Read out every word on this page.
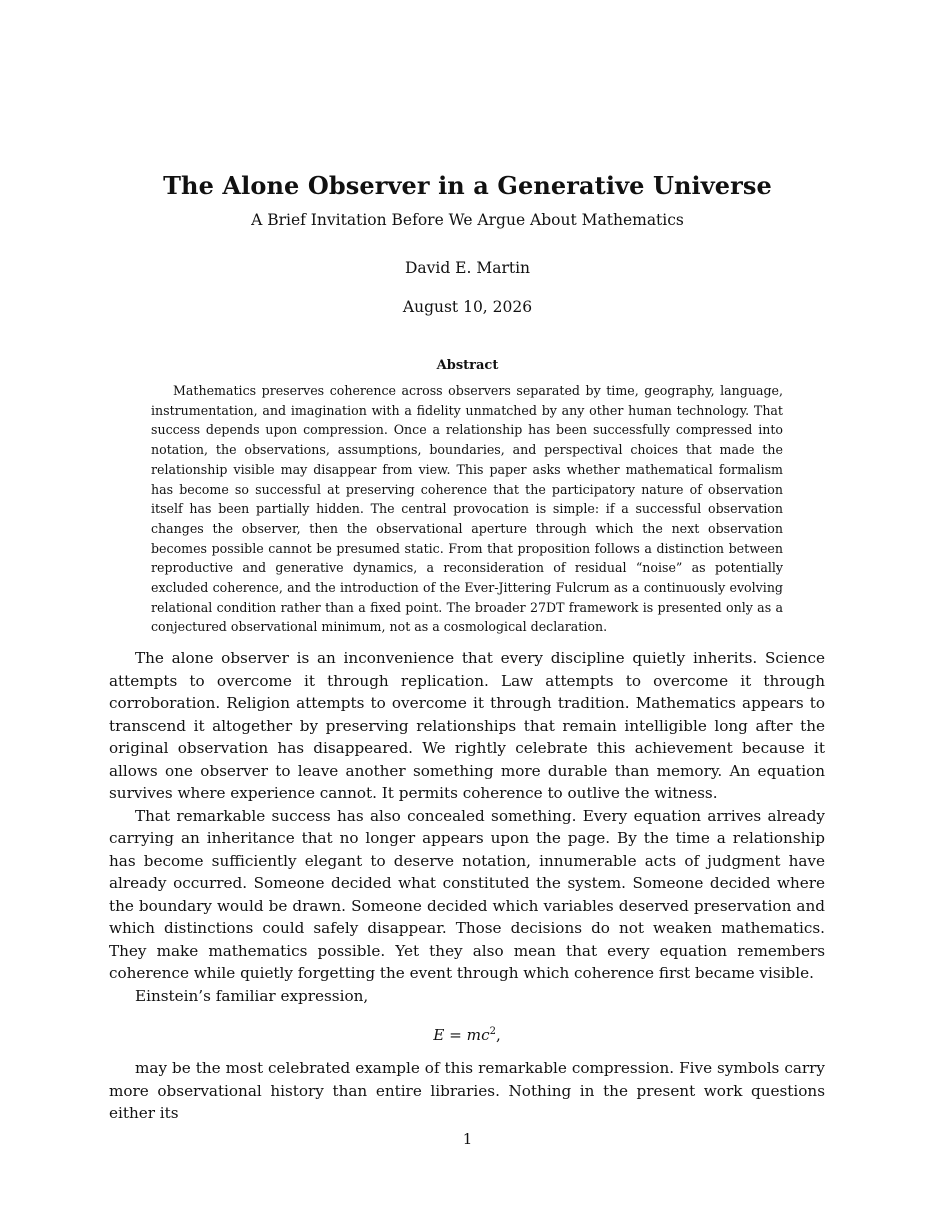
The Alone Observer in a Generative Universe
A Brief Invitation Before We Argue About Mathematics
David E. Martin
August 10, 2026
Abstract

Mathematics preserves coherence across observers separated by time, geography, language, instrumentation, and imagination with a fidelity unmatched by any other human technology. That success depends upon compression. Once a relationship has been successfully compressed into notation, the observations, assumptions, boundaries, and perspectival choices that made the relationship visible may disappear from view. This paper asks whether mathematical formalism has become so successful at preserving coherence that the participatory nature of observation itself has been partially hidden. The central provocation is simple: if a successful observation changes the observer, then the observational aperture through which the next observation becomes possible cannot be presumed static. From that proposition follows a distinction between reproductive and generative dynamics, a reconsideration of residual “noise” as potentially excluded coherence, and the introduction of the Ever-Jittering Fulcrum as a continuously evolving relational condition rather than a fixed point. The broader 27DT framework is presented only as a conjectured observational minimum, not as a cosmological declaration.

The alone observer is an inconvenience that every discipline quietly inherits. Science attempts to overcome it through replication. Law attempts to overcome it through corroboration. Religion attempts to overcome it through tradition. Mathematics appears to transcend it altogether by preserving relationships that remain intelligible long after the original observation has disappeared. We rightly celebrate this achievement because it allows one observer to leave another something more durable than memory. An equation survives where experience cannot. It permits coherence to outlive the witness.

That remarkable success has also concealed something. Every equation arrives already carrying an inheritance that no longer appears upon the page. By the time a relationship has become sufficiently elegant to deserve notation, innumerable acts of judgment have already occurred. Someone decided what constituted the system. Someone decided where the boundary would be drawn. Someone decided which variables deserved preservation and which distinctions could safely disappear. Those decisions do not weaken mathematics. They make mathematics possible. Yet they also mean that every equation remembers coherence while quietly forgetting the event through which coherence first became visible.

Einstein’s familiar expression,

$E = mc^2$,

may be the most celebrated example of this remarkable compression. Five symbols carry more observational history than entire libraries. Nothing in the present work questions either its

1
